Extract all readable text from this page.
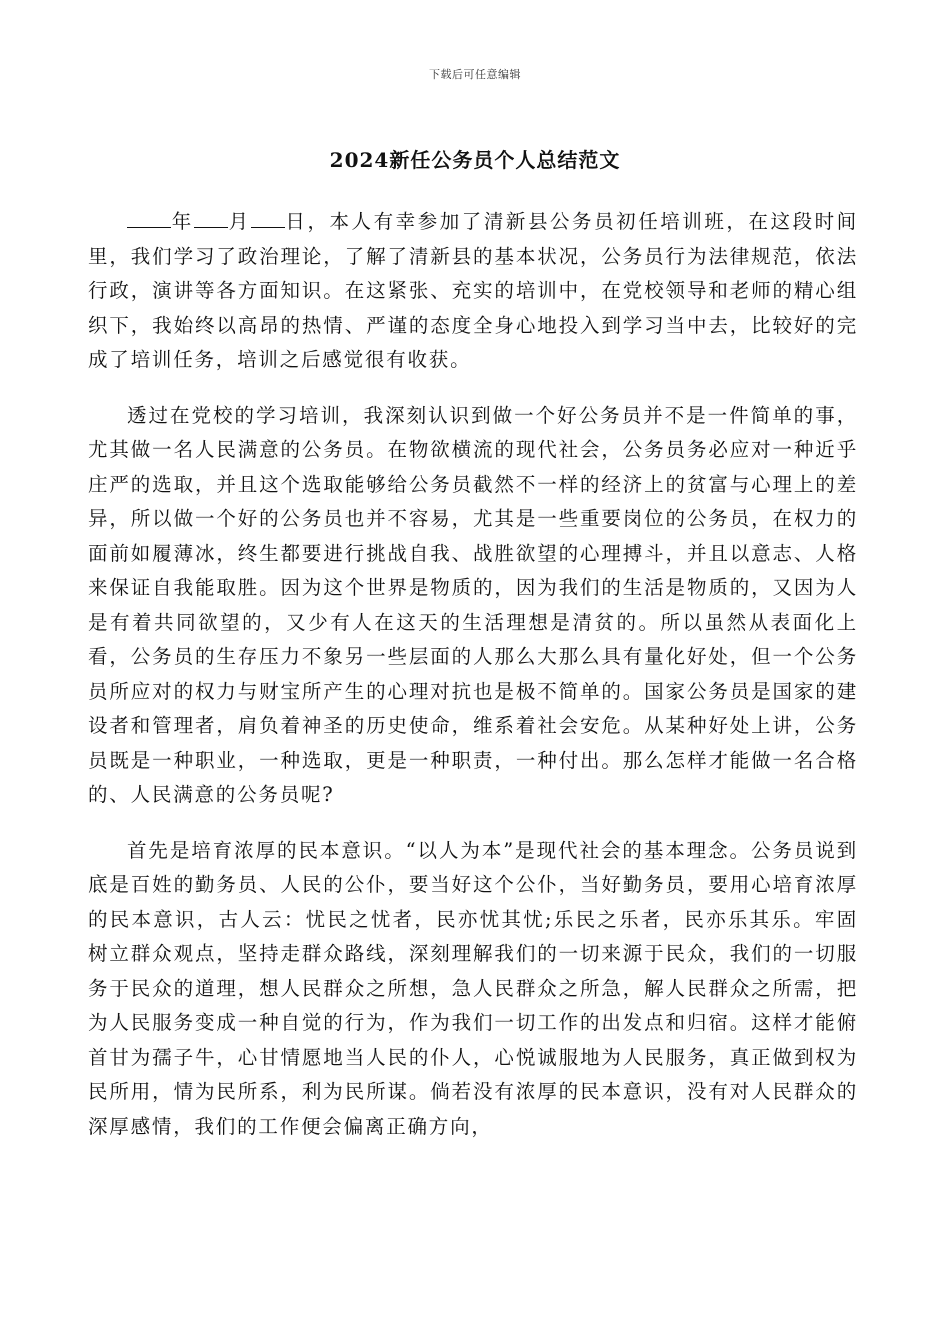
下载后可任意编辑
2024新任公务员个人总结范文

年 月 日，本人有幸参加了清新县公务员初任培训班，在这段时间里，我们学习了政治理论，了解了清新县的基本状况，公务员行为法律规范，依法行政，演讲等各方面知识。在这紧张、充实的培训中，在党校领导和老师的精心组织下，我始终以高昂的热情、严谨的态度全身心地投入到学习当中去，比较好的完成了培训任务，培训之后感觉很有收获。

透过在党校的学习培训，我深刻认识到做一个好公务员并不是一件简单的事，尤其做一名人民满意的公务员。在物欲横流的现代社会，公务员务必应对一种近乎庄严的选取，并且这个选取能够给公务员截然不一样的经济上的贫富与心理上的差异，所以做一个好的公务员也并不容易，尤其是一些重要岗位的公务员，在权力的面前如履薄冰，终生都要进行挑战自我、战胜欲望的心理搏斗，并且以意志、人格来保证自我能取胜。因为这个世界是物质的，因为我们的生活是物质的，又因为人是有着共同欲望的，又少有人在这天的生活理想是清贫的。所以虽然从表面化上看，公务员的生存压力不象另一些层面的人那么大那么具有量化好处，但一个公务员所应对的权力与财宝所产生的心理对抗也是极不简单的。国家公务员是国家的建设者和管理者，肩负着神圣的历史使命，维系着社会安危。从某种好处上讲，公务员既是一种职业，一种选取，更是一种职责，一种付出。那么怎样才能做一名合格的、人民满意的公务员呢?

首先是培育浓厚的民本意识。“以人为本”是现代社会的基本理念。公务员说到底是百姓的勤务员、人民的公仆，要当好这个公仆，当好勤务员，要用心培育浓厚的民本意识，古人云：忧民之忧者，民亦忧其忧;乐民之乐者，民亦乐其乐。牢固树立群众观点，坚持走群众路线，深刻理解我们的一切来源于民众，我们的一切服务于民众的道理，想人民群众之所想，急人民群众之所急，解人民群众之所需，把为人民服务变成一种自觉的行为，作为我们一切工作的出发点和归宿。这样才能俯首甘为孺子牛，心甘情愿地当人民的仆人，心悦诚服地为人民服务，真正做到权为民所用，情为民所系，利为民所谋。倘若没有浓厚的民本意识，没有对人民群众的深厚感情，我们的工作便会偏离正确方向，
